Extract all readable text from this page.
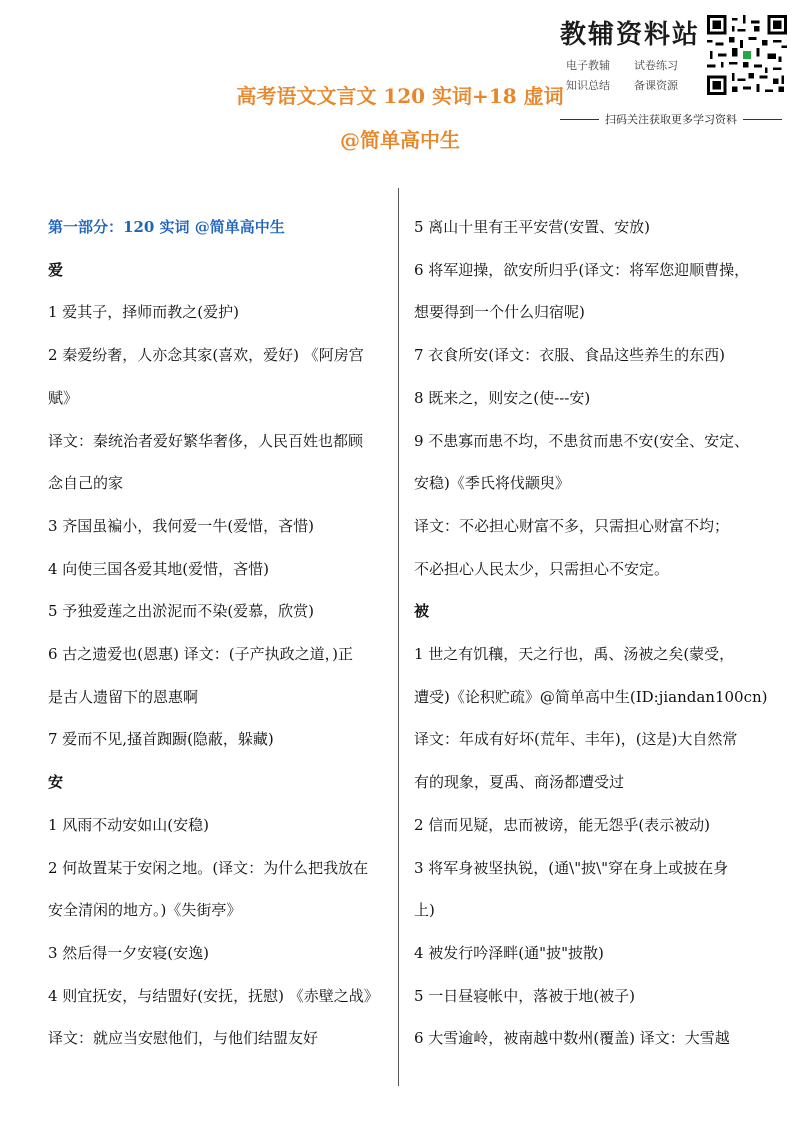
教辅资料站
电子教辅	试卷练习
知识总结	备课资源
扫码关注获取更多学习资料
高考语文文言文 120 实词+18 虚词
@简单高中生

第一部分：120 实词 @简单高中生

爱

1 爱其子，择师而教之(爱护)

2 秦爱纷奢，人亦念其家(喜欢，爱好) 《阿房宫

赋》

译文：秦统治者爱好繁华奢侈，人民百姓也都顾

念自己的家

3 齐国虽褊小，我何爱一牛(爱惜，吝惜)

4 向使三国各爱其地(爱惜，吝惜)

5 予独爱莲之出淤泥而不染(爱慕，欣赏)

6 古之遗爱也(恩惠) 译文：(子产执政之道，)正

是古人遗留下的恩惠啊

7 爱而不见,搔首踟蹰(隐蔽，躲藏)

安

1 风雨不动安如山(安稳)

2 何故置某于安闲之地。(译文：为什么把我放在

安全清闲的地方。)《失街亭》

3 然后得一夕安寝(安逸)

4 则宜抚安，与结盟好(安抚，抚慰) 《赤壁之战》

译文：就应当安慰他们，与他们结盟友好

5 离山十里有王平安营(安置、安放)

6 将军迎操，欲安所归乎(译文：将军您迎顺曹操，

想要得到一个什么归宿呢)

7 衣食所安(译文：衣服、食品这些养生的东西)

8 既来之，则安之(使---安)

9 不患寡而患不均，不患贫而患不安(安全、安定、

安稳)《季氏将伐颛臾》

译文：不必担心财富不多，只需担心财富不均；

不必担心人民太少，只需担心不安定。

被

1 世之有饥穰，天之行也，禹、汤被之矣(蒙受，

遭受)《论积贮疏》@简单高中生(ID:jiandan100cn)

译文：年成有好坏(荒年、丰年)，(这是)大自然常

有的现象，夏禹、商汤都遭受过

2 信而见疑，忠而被谤，能无怨乎(表示被动)

3 将军身被坚执锐，(通\"披\"穿在身上或披在身

上)

4 被发行吟泽畔(通"披"披散)

5 一日昼寝帐中，落被于地(被子)

6 大雪逾岭，被南越中数州(覆盖) 译文：大雪越
